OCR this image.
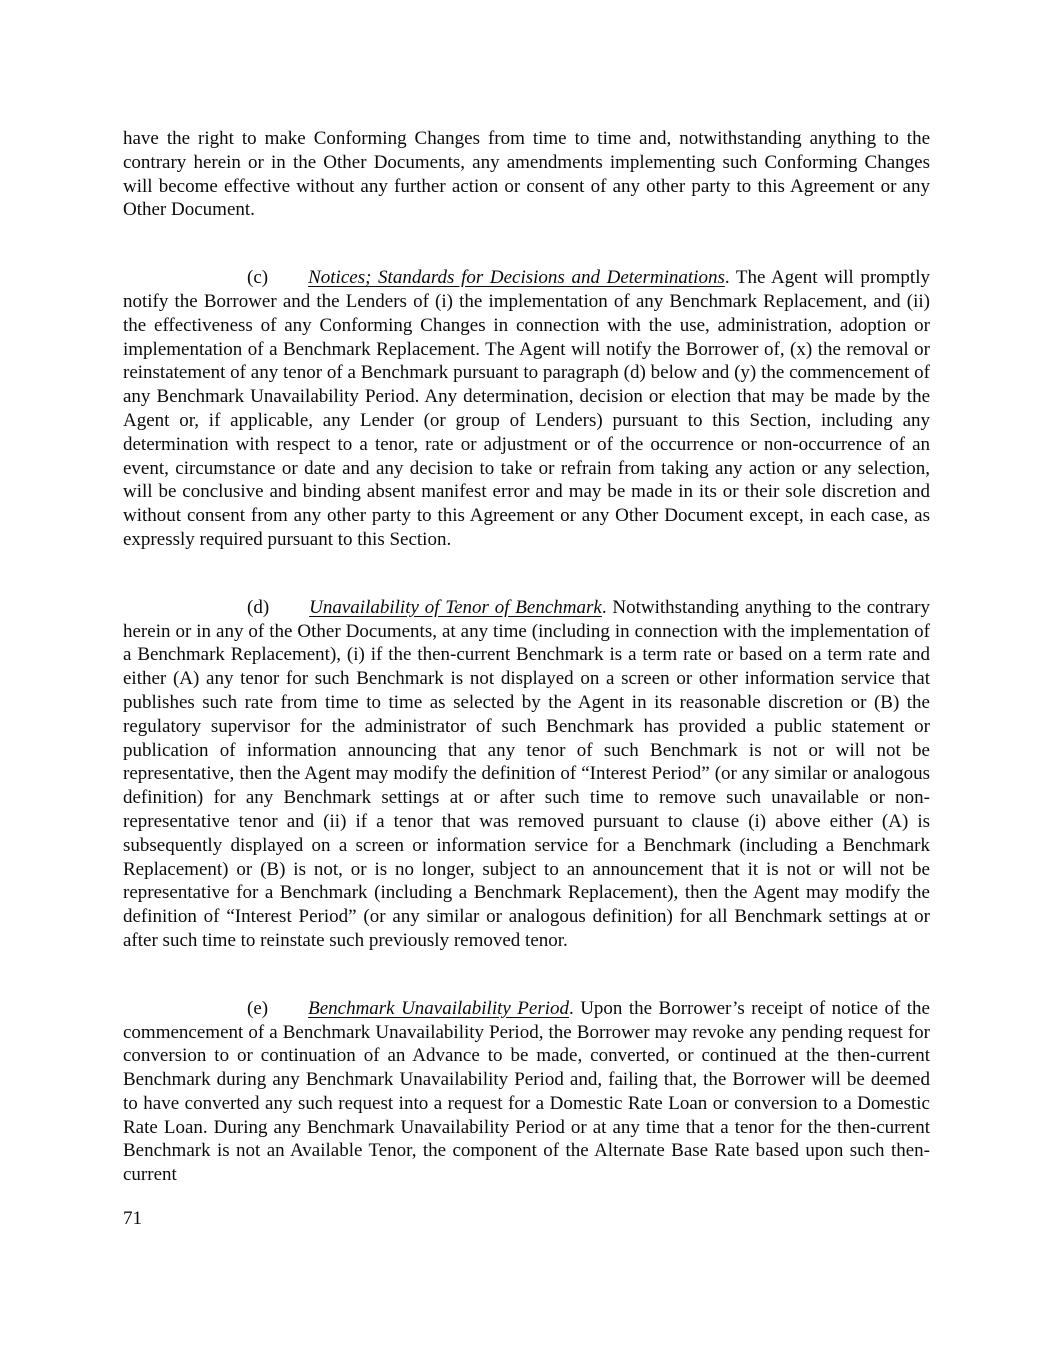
have the right to make Conforming Changes from time to time and, notwithstanding anything to the contrary herein or in the Other Documents, any amendments implementing such Conforming Changes will become effective without any further action or consent of any other party to this Agreement or any Other Document.

(c) Notices; Standards for Decisions and Determinations. The Agent will promptly notify the Borrower and the Lenders of (i) the implementation of any Benchmark Replacement, and (ii) the effectiveness of any Conforming Changes in connection with the use, administration, adoption or implementation of a Benchmark Replacement. The Agent will notify the Borrower of, (x) the removal or reinstatement of any tenor of a Benchmark pursuant to paragraph (d) below and (y) the commencement of any Benchmark Unavailability Period. Any determination, decision or election that may be made by the Agent or, if applicable, any Lender (or group of Lenders) pursuant to this Section, including any determination with respect to a tenor, rate or adjustment or of the occurrence or non-occurrence of an event, circumstance or date and any decision to take or refrain from taking any action or any selection, will be conclusive and binding absent manifest error and may be made in its or their sole discretion and without consent from any other party to this Agreement or any Other Document except, in each case, as expressly required pursuant to this Section.

(d) Unavailability of Tenor of Benchmark. Notwithstanding anything to the contrary herein or in any of the Other Documents, at any time (including in connection with the implementation of a Benchmark Replacement), (i) if the then-current Benchmark is a term rate or based on a term rate and either (A) any tenor for such Benchmark is not displayed on a screen or other information service that publishes such rate from time to time as selected by the Agent in its reasonable discretion or (B) the regulatory supervisor for the administrator of such Benchmark has provided a public statement or publication of information announcing that any tenor of such Benchmark is not or will not be representative, then the Agent may modify the definition of “Interest Period” (or any similar or analogous definition) for any Benchmark settings at or after such time to remove such unavailable or non-representative tenor and (ii) if a tenor that was removed pursuant to clause (i) above either (A) is subsequently displayed on a screen or information service for a Benchmark (including a Benchmark Replacement) or (B) is not, or is no longer, subject to an announcement that it is not or will not be representative for a Benchmark (including a Benchmark Replacement), then the Agent may modify the definition of “Interest Period” (or any similar or analogous definition) for all Benchmark settings at or after such time to reinstate such previously removed tenor.

(e) Benchmark Unavailability Period. Upon the Borrower’s receipt of notice of the commencement of a Benchmark Unavailability Period, the Borrower may revoke any pending request for conversion to or continuation of an Advance to be made, converted, or continued at the then-current Benchmark during any Benchmark Unavailability Period and, failing that, the Borrower will be deemed to have converted any such request into a request for a Domestic Rate Loan or conversion to a Domestic Rate Loan. During any Benchmark Unavailability Period or at any time that a tenor for the then-current Benchmark is not an Available Tenor, the component of the Alternate Base Rate based upon such then-current

71
